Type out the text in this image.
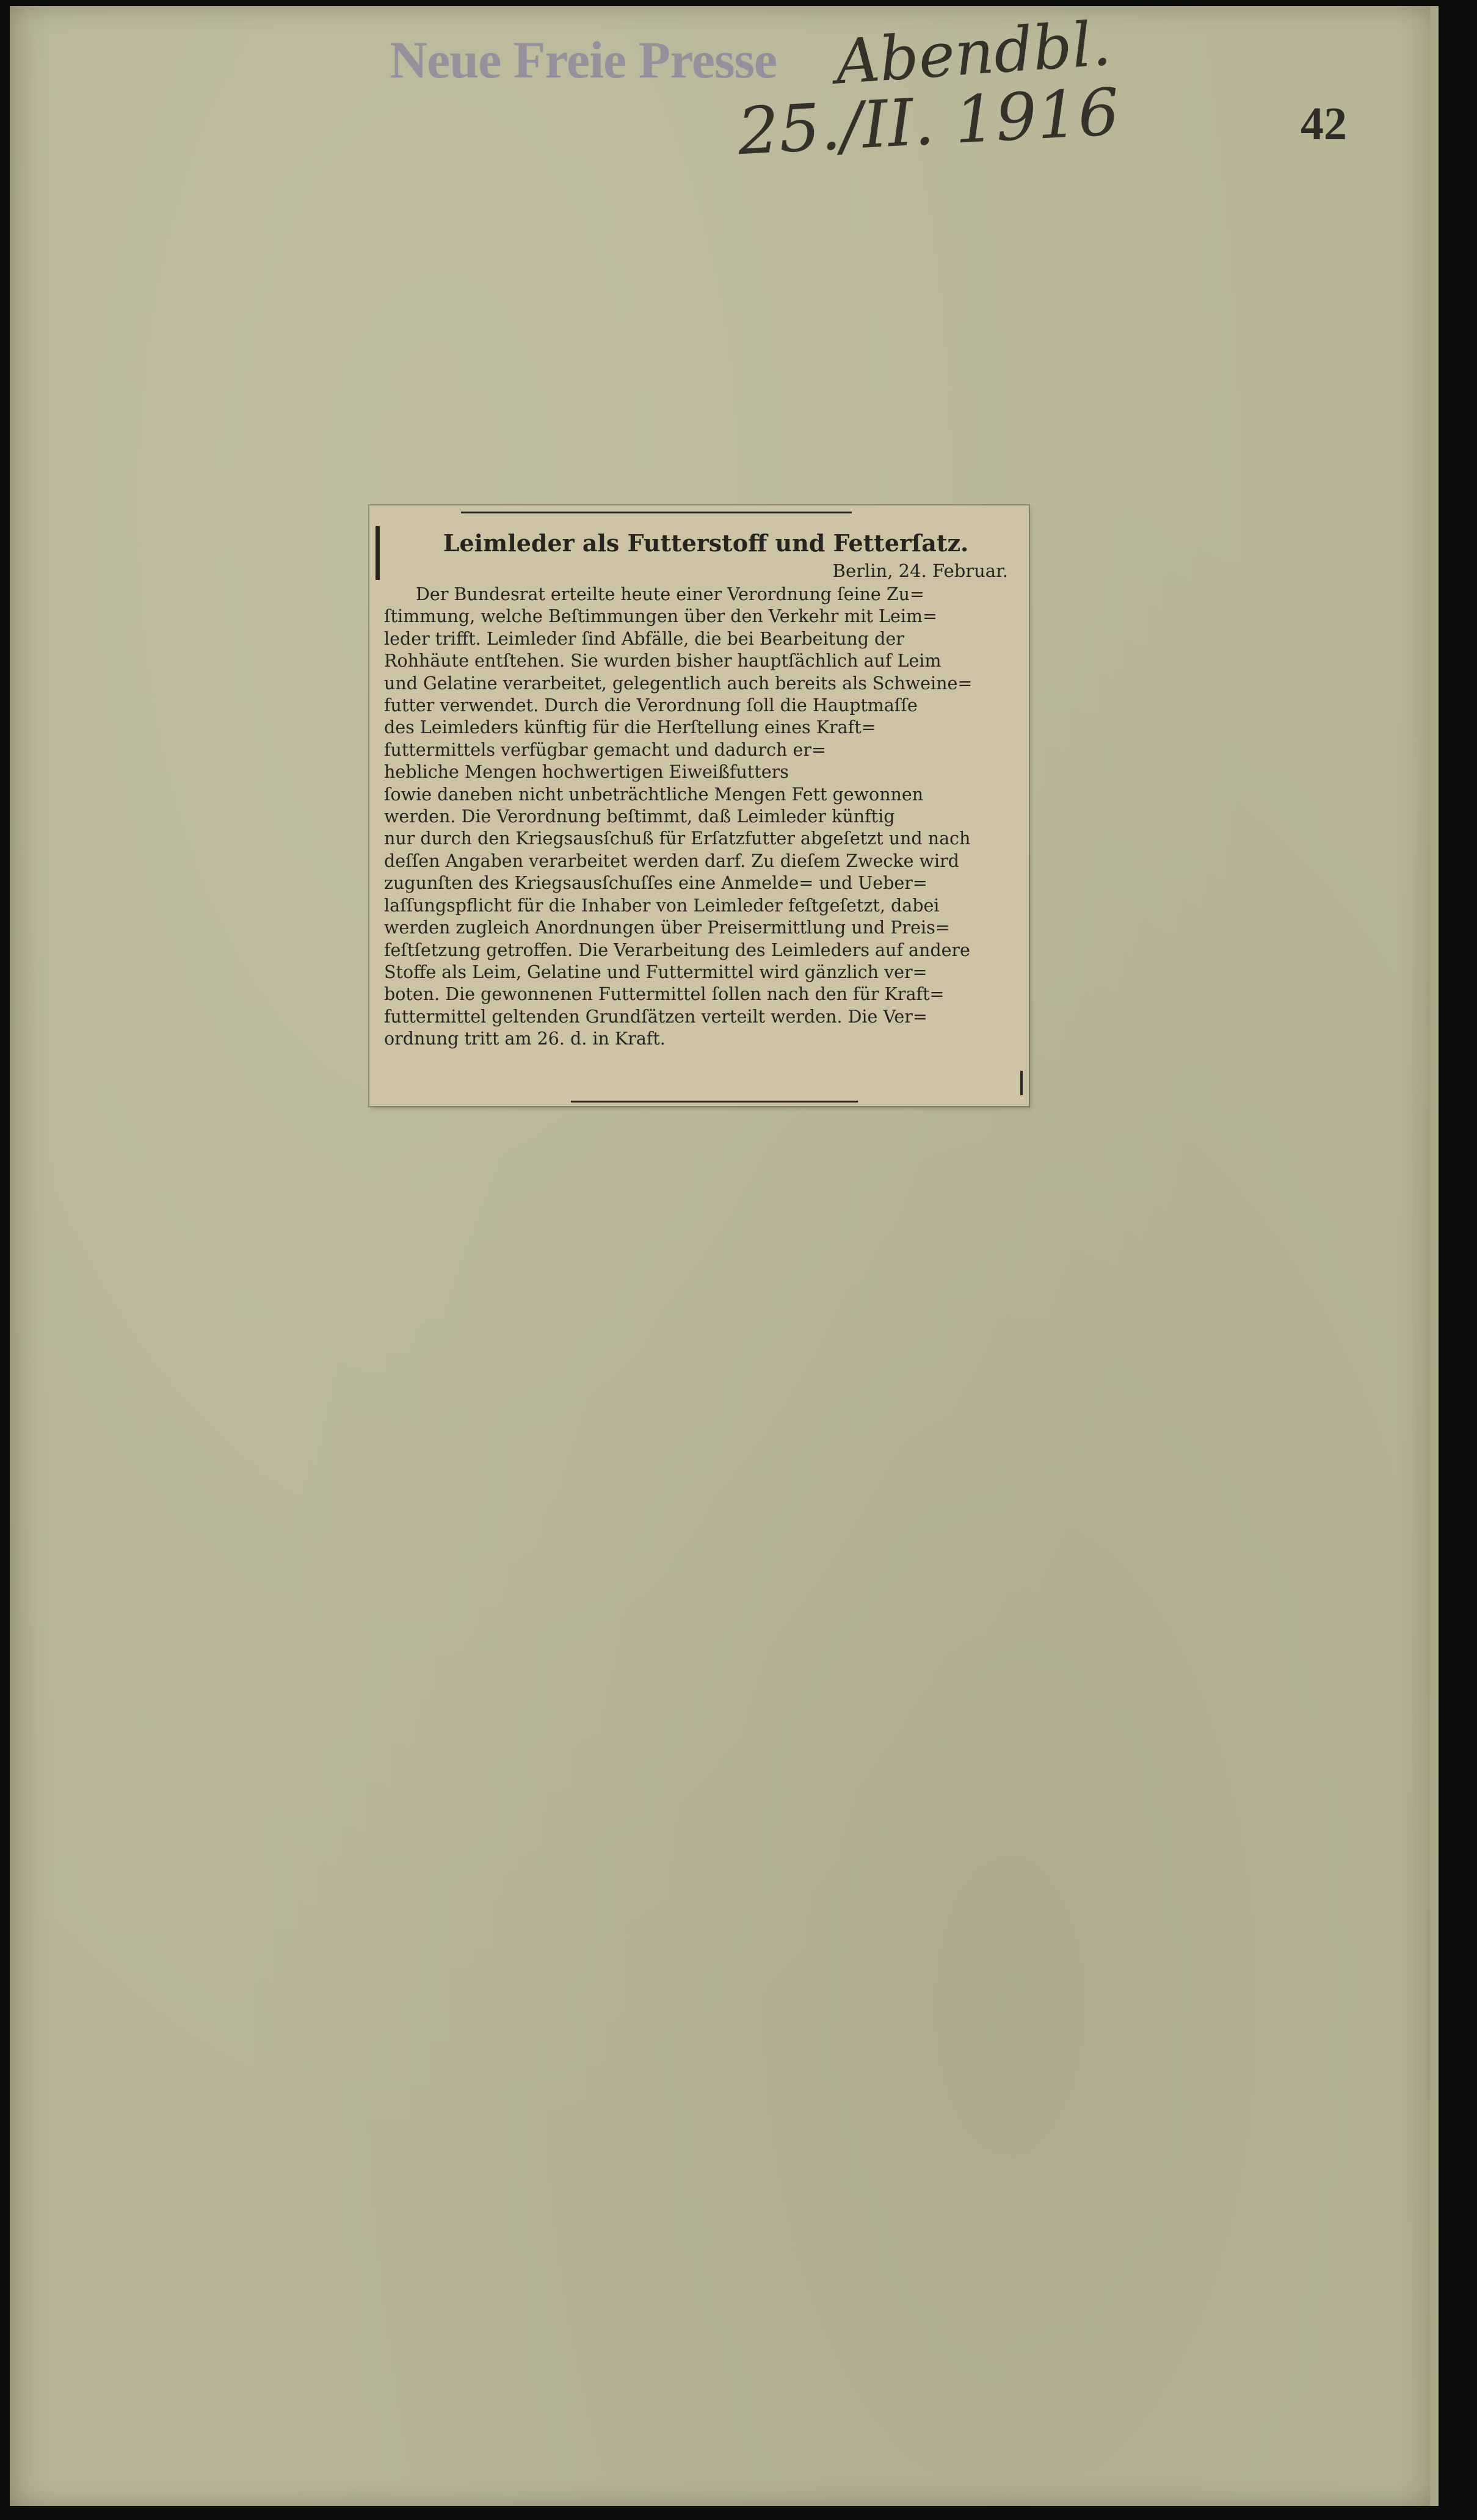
Neue Freie Presse Abendbl.
25./II. 1916	42
Leimleder als Futterstoff und Fetterſatz.
Berlin, 24. Februar.
Der Bundesrat erteilte heute einer Verordnung ſeine Zu=
ſtimmung, welche Beſtimmungen über den Verkehr mit Leim=
leder trifft. Leimleder ſind Abfälle, die bei Bearbeitung der
Rohhäute entſtehen. Sie wurden bisher hauptſächlich auf Leim
und Gelatine verarbeitet, gelegentlich auch bereits als Schweine=
futter verwendet. Durch die Verordnung ſoll die Hauptmaſſe
des Leimleders künftig für die Herſtellung eines Kraft=
futtermittels verfügbar gemacht und dadurch er=
hebliche Mengen hochwertigen Eiweißfutters
ſowie daneben nicht unbeträchtliche Mengen Fett gewonnen
werden. Die Verordnung beſtimmt, daß Leimleder künftig
nur durch den Kriegsausſchuß für Erſatzfutter abgeſetzt und nach
deſſen Angaben verarbeitet werden darf. Zu dieſem Zwecke wird
zugunſten des Kriegsausſchuſſes eine Anmelde= und Ueber=
laſſungspflicht für die Inhaber von Leimleder feſtgeſetzt, dabei
werden zugleich Anordnungen über Preisermittlung und Preis=
feſtſetzung getroffen. Die Verarbeitung des Leimleders auf andere
Stoffe als Leim, Gelatine und Futtermittel wird gänzlich ver=
boten. Die gewonnenen Futtermittel ſollen nach den für Kraft=
futtermittel geltenden Grundſätzen verteilt werden. Die Ver=
ordnung tritt am 26. d. in Kraft.
